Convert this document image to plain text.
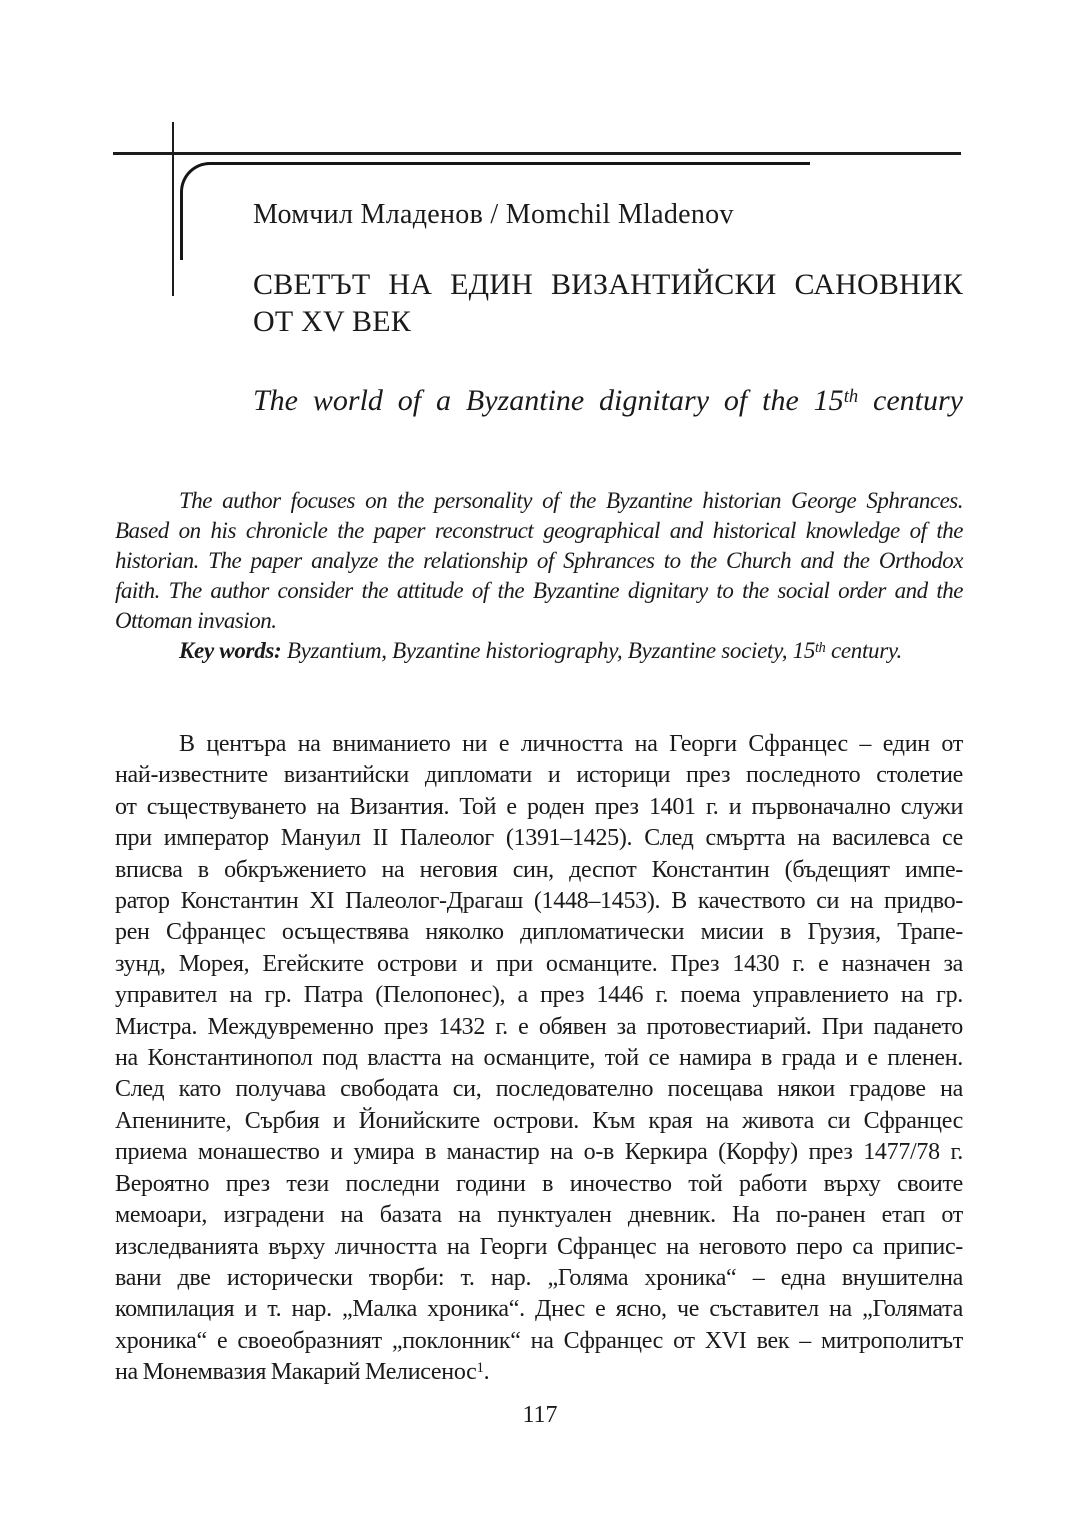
Момчил Младенов / Momchil Mladenov
СВЕТЪТ НА ЕДИН ВИЗАНТИЙСКИ САНОВНИК
ОТ XV ВЕК
The world of a Byzantine dignitary of the 15th century
The author focuses on the personality of the Byzantine historian George Sphrances.
Based on his chronicle the paper reconstruct geographical and historical knowledge of the
historian. The paper analyze the relationship of Sphrances to the Church and the Orthodox
faith. The author consider the attitude of the Byzantine dignitary to the social order and the
Ottoman invasion.
Key words: Byzantium, Byzantine historiography, Byzantine society, 15th century.
В центъра на вниманието ни е личността на Георги Сфранцес – един от
най-известните византийски дипломати и историци през последното столетие
от съществуването на Византия. Той е роден през 1401 г. и първоначално служи
при император Мануил II Палеолог (1391–1425). След смъртта на василевса се
вписва в обкръжението на неговия син, деспот Константин (бъдещият импе-
ратор Константин XI Палеолог-Драгаш (1448–1453). В качеството си на придво-
рен Сфранцес осъществява няколко дипломатически мисии в Грузия, Трапе-
зунд, Морея, Егейските острови и при османците. През 1430 г. е назначен за
управител на гр. Патра (Пелопонес), а през 1446 г. поема управлението на гр.
Мистра. Междувременно през 1432 г. е обявен за протовестиарий. При падането
на Константинопол под властта на османците, той се намира в града и е пленен.
След като получава свободата си, последователно посещава някои градове на
Апенините, Сърбия и Йонийските острови. Към края на живота си Сфранцес
приема монашество и умира в манастир на о-в Керкира (Корфу) през 1477/78 г.
Вероятно през тези последни години в иночество той работи върху своите
мемоари, изградени на базата на пунктуален дневник. На по-ранен етап от
изследванията върху личността на Георги Сфранцес на неговото перо са припис-
вани две исторически творби: т. нар. „Голяма хроника“ – една внушителна
компилация и т. нар. „Малка хроника“. Днес е ясно, че съставител на „Голямата
хроника“ е своеобразният „поклонник“ на Сфранцес от XVI век – митрополитът
на Монемвазия Макарий Мелисенос$^1$.
117
